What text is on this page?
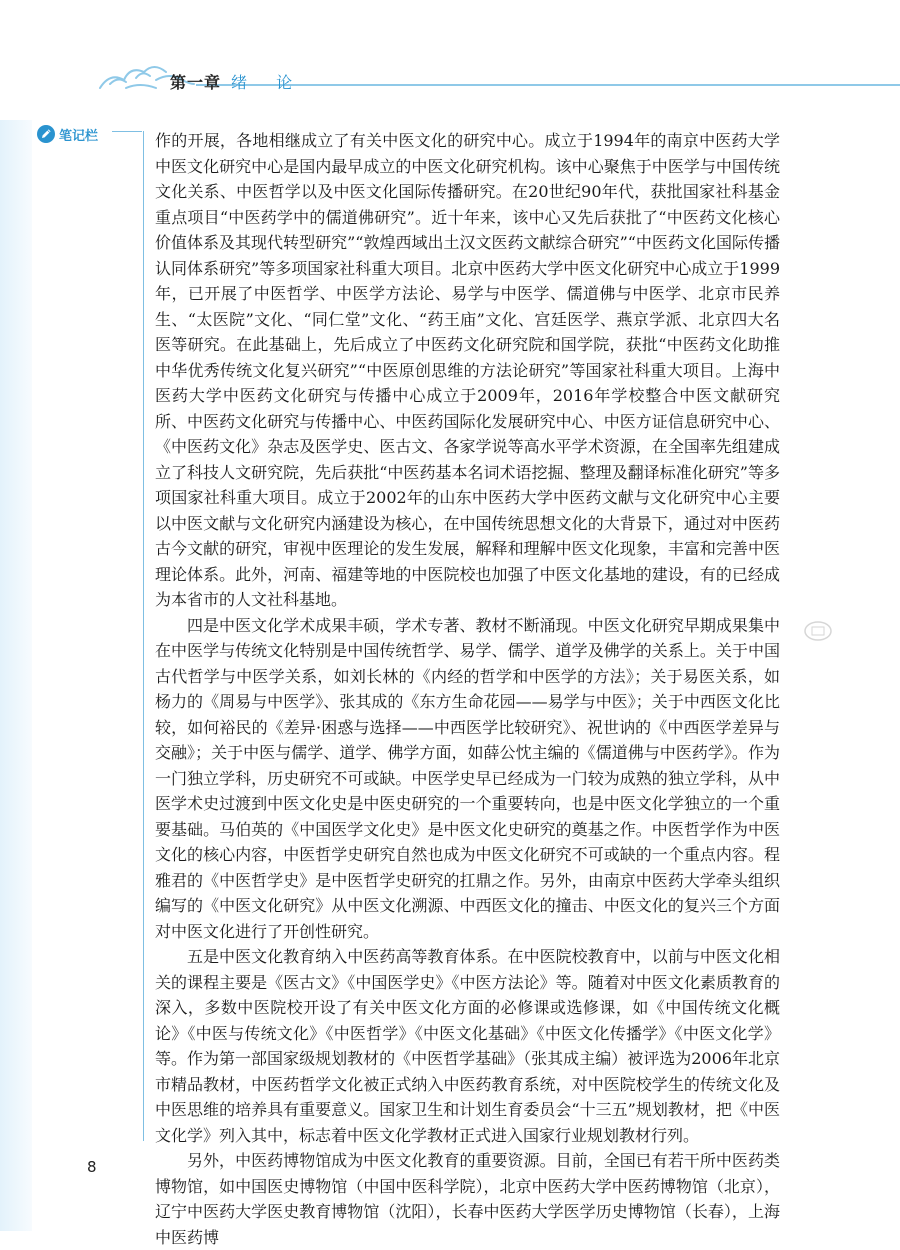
第一章 绪 论
笔记栏	作的开展，各地相继成立了有关中医文化的研究中心。成立于1994年的南京中医药大学中医文化研究中心是国内最早成立的中医文化研究机构。该中心聚焦于中医学与中国传统文化关系、中医哲学以及中医文化国际传播研究。在20世纪90年代，获批国家社科基金重点项目“中医药学中的儒道佛研究”。近十年来，该中心又先后获批了“中医药文化核心价值体系及其现代转型研究”“敦煌西域出土汉文医药文献综合研究”“中医药文化国际传播认同体系研究”等多项国家社科重大项目。北京中医药大学中医文化研究中心成立于1999年，已开展了中医哲学、中医学方法论、易学与中医学、儒道佛与中医学、北京市民养生、“太医院”文化、“同仁堂”文化、“药王庙”文化、宫廷医学、燕京学派、北京四大名医等研究。在此基础上，先后成立了中医药文化研究院和国学院，获批“中医药文化助推中华优秀传统文化复兴研究”“中医原创思维的方法论研究”等国家社科重大项目。上海中医药大学中医药文化研究与传播中心成立于2009年，2016年学校整合中医文献研究所、中医药文化研究与传播中心、中医药国际化发展研究中心、中医方证信息研究中心、《中医药文化》杂志及医学史、医古文、各家学说等高水平学术资源，在全国率先组建成立了科技人文研究院，先后获批“中医药基本名词术语挖掘、整理及翻译标准化研究”等多项国家社科重大项目。成立于2002年的山东中医药大学中医药文献与文化研究中心主要以中医文献与文化研究内涵建设为核心，在中国传统思想文化的大背景下，通过对中医药古今文献的研究，审视中医理论的发生发展，解释和理解中医文化现象，丰富和完善中医理论体系。此外，河南、福建等地的中医院校也加强了中医文化基地的建设，有的已经成为本省市的人文社科基地。

四是中医文化学术成果丰硕，学术专著、教材不断涌现。中医文化研究早期成果集中在中医学与传统文化特别是中国传统哲学、易学、儒学、道学及佛学的关系上。关于中国古代哲学与中医学关系，如刘长林的《内经的哲学和中医学的方法》；关于易医关系，如杨力的《周易与中医学》、张其成的《东方生命花园——易学与中医》；关于中西医文化比较，如何裕民的《差异·困惑与选择——中西医学比较研究》、祝世讷的《中西医学差异与交融》；关于中医与儒学、道学、佛学方面，如薛公忱主编的《儒道佛与中医药学》。作为一门独立学科，历史研究不可或缺。中医学史早已经成为一门较为成熟的独立学科，从中医学术史过渡到中医文化史是中医史研究的一个重要转向，也是中医文化学独立的一个重要基础。马伯英的《中国医学文化史》是中医文化史研究的奠基之作。中医哲学作为中医文化的核心内容，中医哲学史研究自然也成为中医文化研究不可或缺的一个重点内容。程雅君的《中医哲学史》是中医哲学史研究的扛鼎之作。另外，由南京中医药大学牵头组织编写的《中医文化研究》从中医文化溯源、中西医文化的撞击、中医文化的复兴三个方面对中医文化进行了开创性研究。

五是中医文化教育纳入中医药高等教育体系。在中医院校教育中，以前与中医文化相关的课程主要是《医古文》《中国医学史》《中医方法论》等。随着对中医文化素质教育的深入，多数中医院校开设了有关中医文化方面的必修课或选修课，如《中国传统文化概论》《中医与传统文化》《中医哲学》《中医文化基础》《中医文化传播学》《中医文化学》等。作为第一部国家级规划教材的《中医哲学基础》（张其成主编）被评选为2006年北京市精品教材，中医药哲学文化被正式纳入中医药教育系统，对中医院校学生的传统文化及中医思维的培养具有重要意义。国家卫生和计划生育委员会“十三五”规划教材，把《中医文化学》列入其中，标志着中医文化学教材正式进入国家行业规划教材行列。

另外，中医药博物馆成为中医文化教育的重要资源。目前，全国已有若干所中医药类博物馆，如中国医史博物馆（中国中医科学院），北京中医药大学中医药博物馆（北京），辽宁中医药大学医史教育博物馆（沈阳），长春中医药大学医学历史博物馆（长春），上海中医药博

8
